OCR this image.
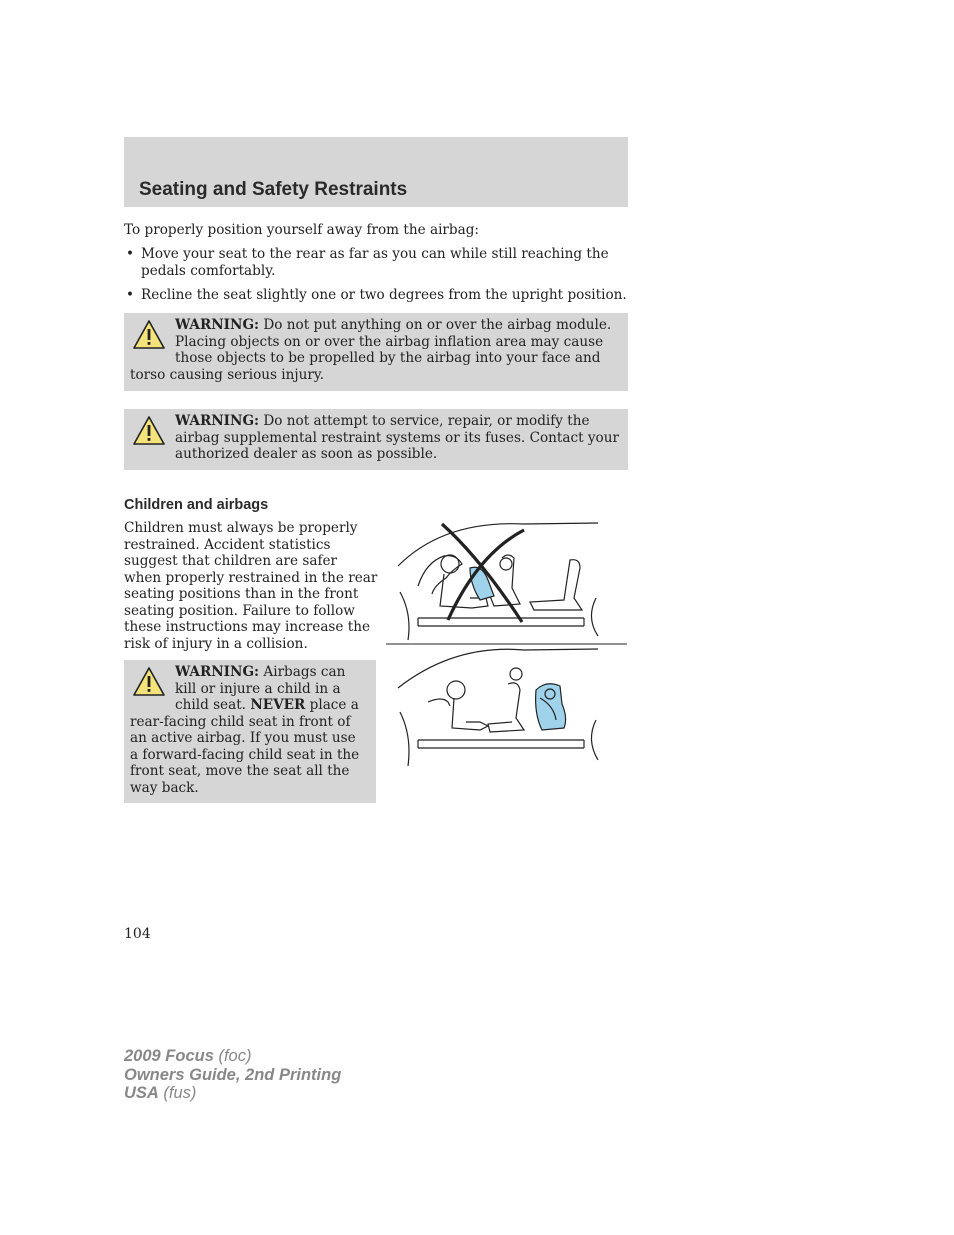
Seating and Safety Restraints
To properly position yourself away from the airbag:
• Move your seat to the rear as far as you can while still reaching the pedals comfortably.
• Recline the seat slightly one or two degrees from the upright position.
WARNING: Do not put anything on or over the airbag module. Placing objects on or over the airbag inflation area may cause those objects to be propelled by the airbag into your face and torso causing serious injury.
WARNING: Do not attempt to service, repair, or modify the airbag supplemental restraint systems or its fuses. Contact your authorized dealer as soon as possible.
Children and airbags
Children must always be properly restrained. Accident statistics suggest that children are safer when properly restrained in the rear seating positions than in the front seating position. Failure to follow these instructions may increase the risk of injury in a collision.
WARNING: Airbags can kill or injure a child in a child seat. NEVER place a rear-facing child seat in front of an active airbag. If you must use a forward-facing child seat in the front seat, move the seat all the way back.
104
2009 Focus (foc)
Owners Guide, 2nd Printing
USA (fus)
